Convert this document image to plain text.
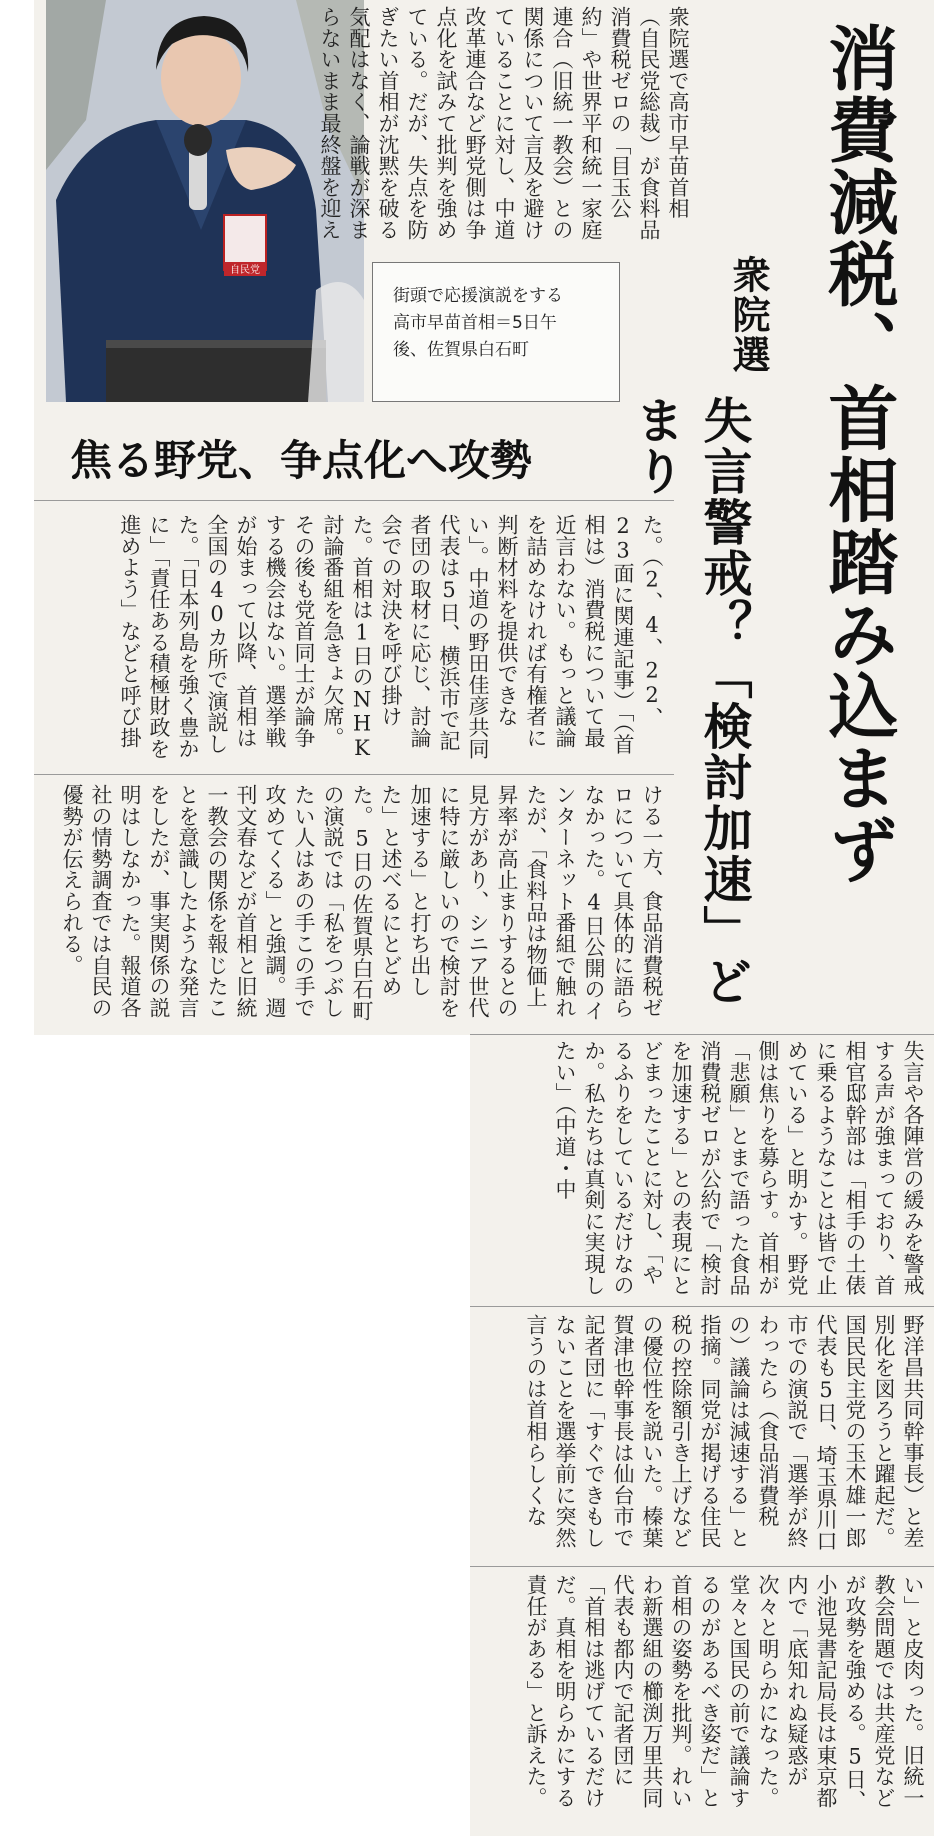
自民党
街頭で応援演説をする
高市早苗首相＝5日午
後、佐賀県白石町	消費減税、首相踏み込まず

衆院選

失言警戒？「検討加速」どまり

衆院選で高市早苗首相（自民党総裁）が食料品消費税ゼロの「目玉公約」や世界平和統一家庭連合（旧統一教会）との関係について言及を避けていることに対し、中道改革連合など野党側は争点化を試みて批判を強めている。だが、失点を防ぎたい首相が沈黙を破る気配はなく、論戦が深まらないまま最終盤を迎え
焦る野党、争点化へ攻勢
た。（2、4、22、23面に関連記事）「（首相は）消費税について最近言わない。もっと議論を詰めなければ有権者に判断材料を提供できない」。中道の野田佳彦共同代表は5日、横浜市で記者団の取材に応じ、討論会での対決を呼び掛けた。首相は1日のNHK討論番組を急きょ欠席。その後も党首同士が論争する機会はない。選挙戦が始まって以降、首相は全国の40カ所で演説した。「日本列島を強く豊かに」「責任ある積極財政を進めよう」などと呼び掛
ける一方、食品消費税ゼロについて具体的に語らなかった。4日公開のインターネット番組で触れたが、「食料品は物価上昇率が高止まりするとの見方があり、シニア世代に特に厳しいので検討を加速する」と打ち出した」と述べるにとどめた。5日の佐賀県白石町の演説では「私をつぶしたい人はあの手この手で攻めてくる」と強調。週刊文春などが首相と旧統一教会の関係を報じたことを意識したような発言をしたが、事実関係の説明はしなかった。報道各社の情勢調査では自民の優勢が伝えられる。
失言や各陣営の緩みを警戒する声が強まっており、首相官邸幹部は「相手の土俵に乗るようなことは皆で止めている」と明かす。野党側は焦りを募らす。首相が「悲願」とまで語った食品消費税ゼロが公約で「検討を加速する」との表現にとどまったことに対し、「やるふりをしているだけなのか。私たちは真剣に実現したい」（中道・中
野洋昌共同幹事長）と差別化を図ろうと躍起だ。国民民主党の玉木雄一郎代表も5日、埼玉県川口市での演説で「選挙が終わったら（食品消費税の）議論は減速する」と指摘。同党が掲げる住民税の控除額引き上げなどの優位性を説いた。榛葉賀津也幹事長は仙台市で記者団に「すぐできもしないことを選挙前に突然言うのは首相らしくな
い」と皮肉った。旧統一教会問題では共産党などが攻勢を強める。5日、小池晃書記局長は東京都内で「底知れぬ疑惑が次々と明らかになった。堂々と国民の前で議論するのがあるべき姿だ」と首相の姿勢を批判。れいわ新選組の櫛渕万里共同代表も都内で記者団に「首相は逃げているだけだ。真相を明らかにする責任がある」と訴えた。
